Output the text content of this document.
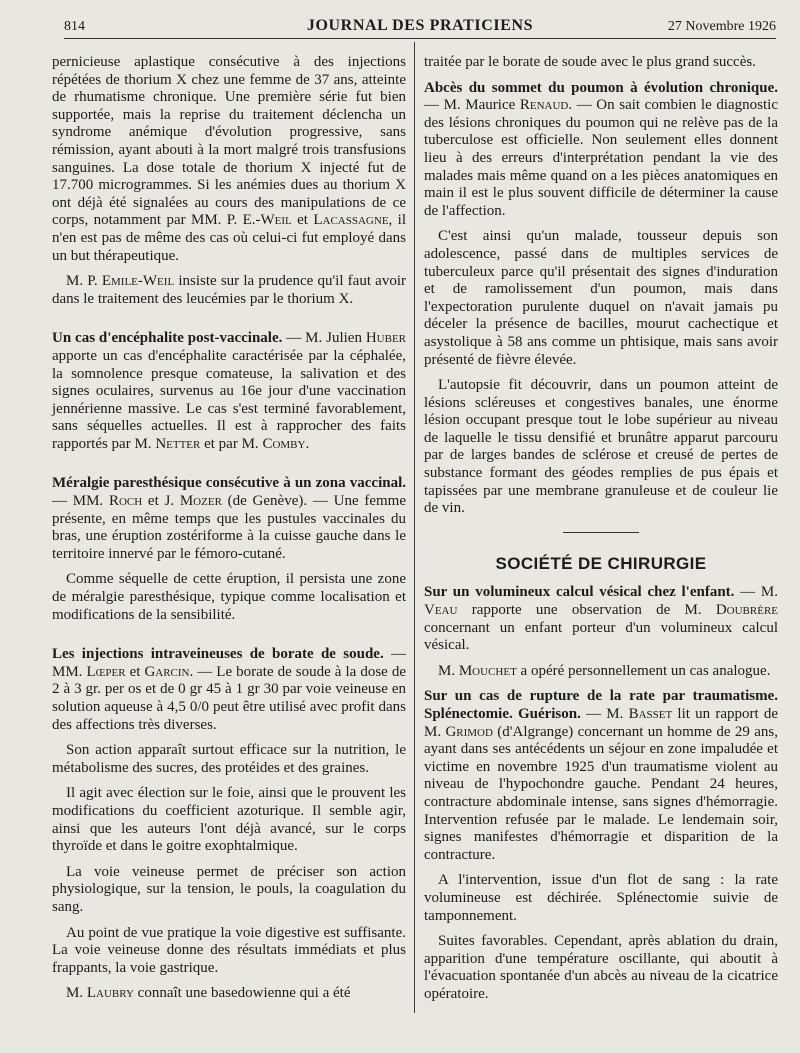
814	JOURNAL DES PRATICIENS	27 Novembre 1926

pernicieuse aplastique consécutive à des injections répétées de thorium X chez une femme de 37 ans, atteinte de rhumatisme chronique. Une première série fut bien supportée, mais la reprise du traitement déclencha un syndrome anémique d'évolution progressive, sans rémission, ayant abouti à la mort malgré trois transfusions sanguines. La dose totale de thorium X injecté fut de 17.700 microgrammes. Si les anémies dues au thorium X ont déjà été signalées au cours des manipulations de ce corps, notamment par MM. P. E.-Weil et Lacassagne, il n'en est pas de même des cas où celui-ci fut employé dans un but thérapeutique.

M. P. Emile-Weil insiste sur la prudence qu'il faut avoir dans le traitement des leucémies par le thorium X.

Un cas d'encéphalite post-vaccinale. — M. Julien Huber apporte un cas d'encéphalite caractérisée par la céphalée, la somnolence presque comateuse, la salivation et des signes oculaires, survenus au 16e jour d'une vaccination jennérienne massive. Le cas s'est terminé favorablement, sans séquelles actuelles. Il est à rapprocher des faits rapportés par M. Netter et par M. Comby.

Méralgie paresthésique consécutive à un zona vaccinal. — MM. Roch et J. Mozer (de Genève). — Une femme présente, en même temps que les pustules vaccinales du bras, une éruption zostériforme à la cuisse gauche dans le territoire innervé par le fémoro-cutané.

Comme séquelle de cette éruption, il persista une zone de méralgie paresthésique, typique comme localisation et modifications de la sensibilité.

Les injections intraveineuses de borate de soude. — MM. Lœper et Garcin. — Le borate de soude à la dose de 2 à 3 gr. per os et de 0 gr 45 à 1 gr 30 par voie veineuse en solution aqueuse à 4,5 0/0 peut être utilisé avec profit dans des affections très diverses.

Son action apparaît surtout efficace sur la nutrition, le métabolisme des sucres, des protéides et des graines.

Il agit avec élection sur le foie, ainsi que le prouvent les modifications du coefficient azoturique. Il semble agir, ainsi que les auteurs l'ont déjà avancé, sur le corps thyroïde et dans le goitre exophtalmique.

La voie veineuse permet de préciser son action physiologique, sur la tension, le pouls, la coagulation du sang.

Au point de vue pratique la voie digestive est suffisante. La voie veineuse donne des résultats immédiats et plus frappants, la voie gastrique.

M. Laubry connaît une basedowienne qui a été

traitée par le borate de soude avec le plus grand succès.

Abcès du sommet du poumon à évolution chronique. — M. Maurice Renaud. — On sait combien le diagnostic des lésions chroniques du poumon qui ne relève pas de la tuberculose est officielle. Non seulement elles donnent lieu à des erreurs d'interprétation pendant la vie des malades mais même quand on a les pièces anatomiques en main il est le plus souvent difficile de déterminer la cause de l'affection.

C'est ainsi qu'un malade, tousseur depuis son adolescence, passé dans de multiples services de tuberculeux parce qu'il présentait des signes d'induration et de ramolissement d'un poumon, mais dans l'expectoration purulente duquel on n'avait jamais pu déceler la présence de bacilles, mourut cachectique et asystolique à 58 ans comme un phtisique, mais sans avoir présenté de fièvre élevée.

L'autopsie fit découvrir, dans un poumon atteint de lésions scléreuses et congestives banales, une énorme lésion occupant presque tout le lobe supérieur au niveau de laquelle le tissu densifié et brunâtre apparut parcouru par de larges bandes de sclérose et creusé de pertes de substance formant des géodes remplies de pus épais et tapissées par une membrane granuleuse et de couleur lie de vin.

SOCIÉTÉ DE CHIRURGIE

Sur un volumineux calcul vésical chez l'enfant. — M. Veau rapporte une observation de M. Doubrère concernant un enfant porteur d'un volumineux calcul vésical.

M. Mouchet a opéré personnellement un cas analogue.

Sur un cas de rupture de la rate par traumatisme. Splénectomie. Guérison. — M. Basset lit un rapport de M. Grimod (d'Algrange) concernant un homme de 29 ans, ayant dans ses antécédents un séjour en zone impaludée et victime en novembre 1925 d'un traumatisme violent au niveau de l'hypochondre gauche. Pendant 24 heures, contracture abdominale intense, sans signes d'hémorragie. Intervention refusée par le malade. Le lendemain soir, signes manifestes d'hémorragie et disparition de la contracture.

A l'intervention, issue d'un flot de sang : la rate volumineuse est déchirée. Splénectomie suivie de tamponnement.

Suites favorables. Cependant, après ablation du drain, apparition d'une température oscillante, qui aboutit à l'évacuation spontanée d'un abcès au niveau de la cicatrice opératoire.
